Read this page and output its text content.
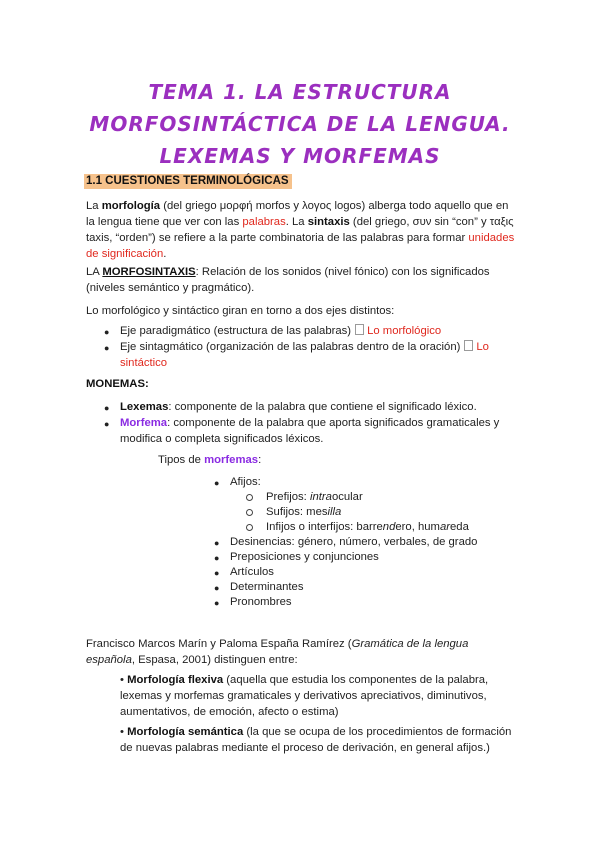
TEMA 1. LA ESTRUCTURA
MORFOSINTÁCTICA DE LA LENGUA.
LEXEMAS Y MORFEMAS
1.1 CUESTIONES TERMINOLÓGICAS
La morfología (del griego μορφή morfos y λογος logos) alberga todo aquello que en la lengua tiene que ver con las palabras. La sintaxis (del griego, συν sin “con” y ταξις taxis, “orden”) se refiere a la parte combinatoria de las palabras para formar unidades de significación.
LA MORFOSINTAXIS: Relación de los sonidos (nivel fónico) con los significados (niveles semántico y pragmático).
Lo morfológico y sintáctico giran en torno a dos ejes distintos:
● Eje paradigmático (estructura de las palabras) Lo morfológico
● Eje sintagmático (organización de las palabras dentro de la oración) Lo sintáctico
MONEMAS:
● Lexemas: componente de la palabra que contiene el significado léxico.
● Morfema: componente de la palabra que aporta significados gramaticales y modifica o completa significados léxicos.
Tipos de morfemas:
● Afijos:
Prefijos: intraocular
Sufijos: mesilla
Infijos o interfijos: barrendero, humareda
● Desinencias: género, número, verbales, de grado
● Preposiciones y conjunciones
● Artículos
● Determinantes
● Pronombres
Francisco Marcos Marín y Paloma España Ramírez (Gramática de la lengua española, Espasa, 2001) distinguen entre:
• Morfología flexiva (aquella que estudia los componentes de la palabra, lexemas y morfemas gramaticales y derivativos apreciativos, diminutivos, aumentativos, de emoción, afecto o estima)
• Morfología semántica (la que se ocupa de los procedimientos de formación de nuevas palabras mediante el proceso de derivación, en general afijos.)
